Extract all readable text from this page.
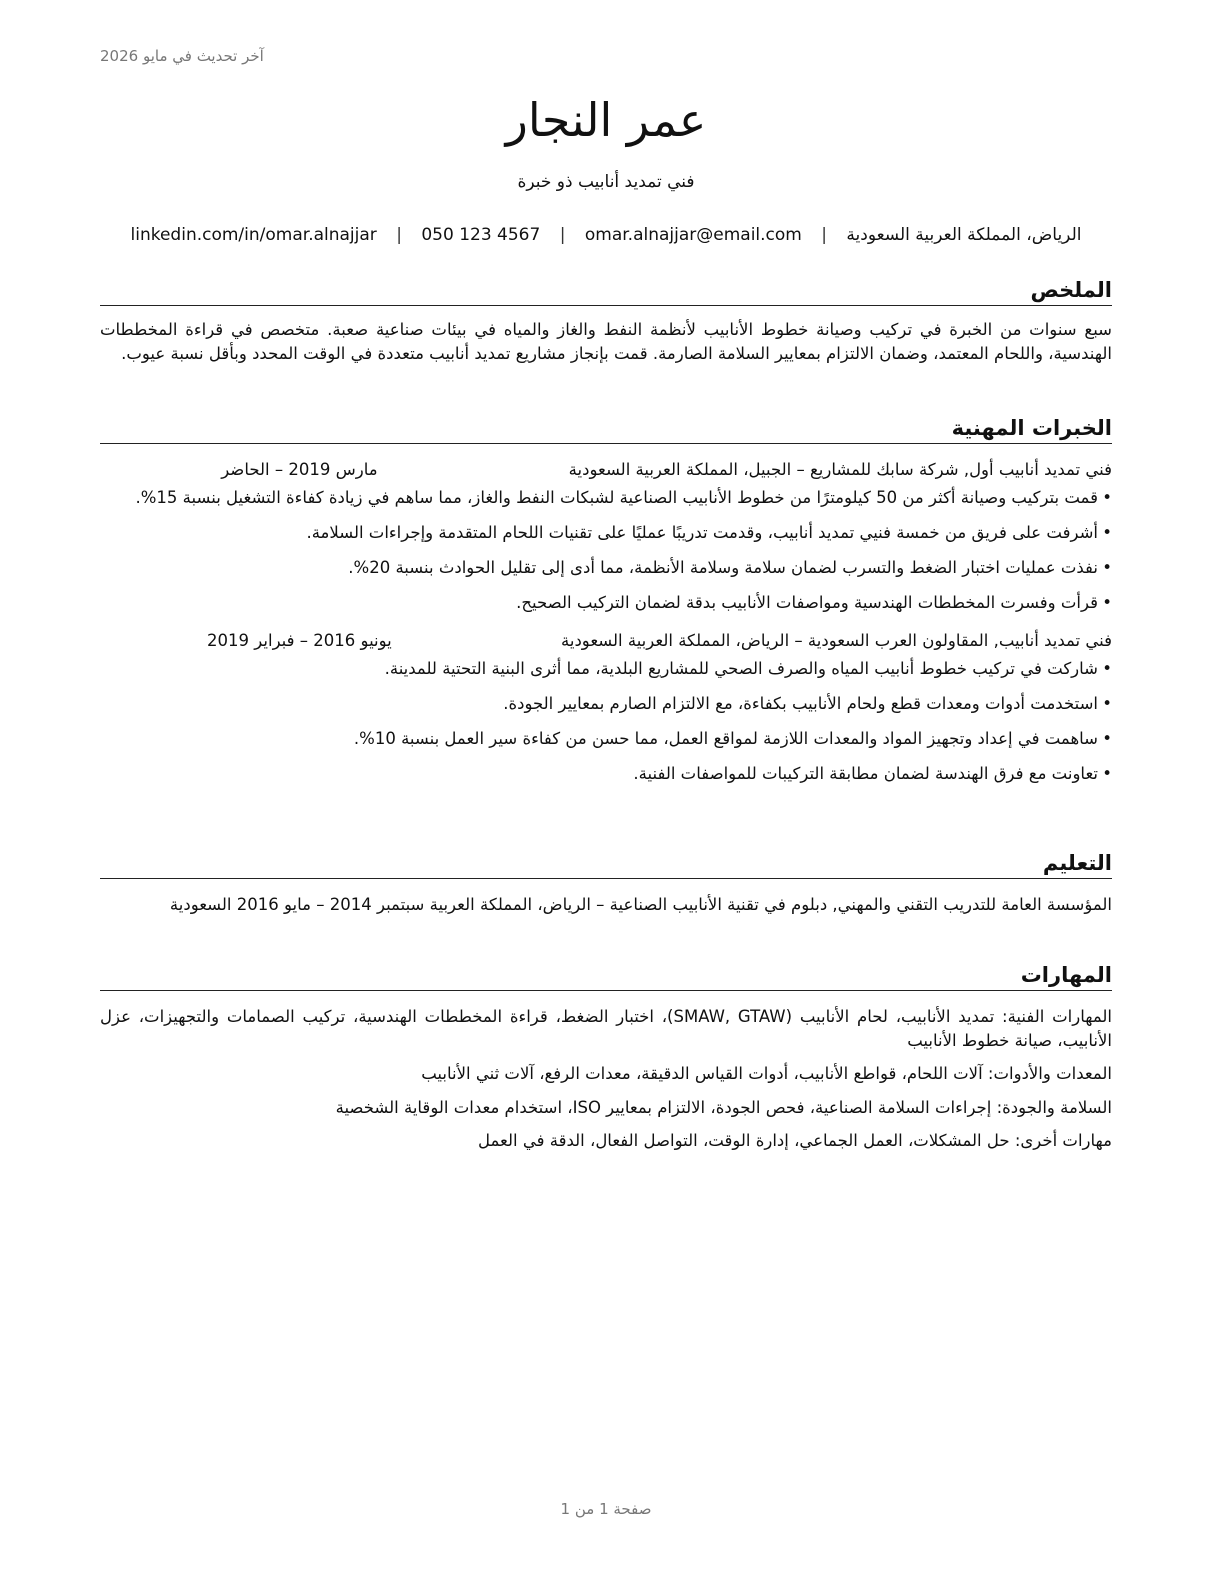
آخر تحديث في مايو 2026
عمر النجار
فني تمديد أنابيب ذو خبرة
الرياض، المملكة العربية السعودية | omar.alnajjar@email.com | 050 123 4567 | linkedin.com/in/omar.alnajjar
الملخص
سبع سنوات من الخبرة في تركيب وصيانة خطوط الأنابيب لأنظمة النفط والغاز والمياه في بيئات صناعية صعبة. متخصص في قراءة المخططات الهندسية، واللحام المعتمد، وضمان الالتزام بمعايير السلامة الصارمة. قمت بإنجاز مشاريع تمديد أنابيب متعددة في الوقت المحدد وبأقل نسبة عيوب.
الخبرات المهنية
فني تمديد أنابيب أول, شركة سابك للمشاريع – الجبيل، المملكة العربية السعودية
مارس 2019 – الحاضر
•قمت بتركيب وصيانة أكثر من 50 كيلومترًا من خطوط الأنابيب الصناعية لشبكات النفط والغاز، مما ساهم في زيادة كفاءة التشغيل بنسبة 15%.
•أشرفت على فريق من خمسة فنيي تمديد أنابيب، وقدمت تدريبًا عمليًا على تقنيات اللحام المتقدمة وإجراءات السلامة.
•نفذت عمليات اختبار الضغط والتسرب لضمان سلامة وسلامة الأنظمة، مما أدى إلى تقليل الحوادث بنسبة 20%.
•قرأت وفسرت المخططات الهندسية ومواصفات الأنابيب بدقة لضمان التركيب الصحيح.
فني تمديد أنابيب, المقاولون العرب السعودية – الرياض، المملكة العربية السعودية
يونيو 2016 – فبراير 2019
•شاركت في تركيب خطوط أنابيب المياه والصرف الصحي للمشاريع البلدية، مما أثرى البنية التحتية للمدينة.
•استخدمت أدوات ومعدات قطع ولحام الأنابيب بكفاءة، مع الالتزام الصارم بمعايير الجودة.
•ساهمت في إعداد وتجهيز المواد والمعدات اللازمة لمواقع العمل، مما حسن من كفاءة سير العمل بنسبة 10%.
•تعاونت مع فرق الهندسة لضمان مطابقة التركيبات للمواصفات الفنية.
التعليم
المؤسسة العامة للتدريب التقني والمهني, دبلوم في تقنية الأنابيب الصناعية – الرياض، المملكة العربية سبتمبر 2014 – مايو 2016 السعودية
المهارات
المهارات الفنية: تمديد الأنابيب، لحام الأنابيب (SMAW, GTAW)، اختبار الضغط، قراءة المخططات الهندسية، تركيب الصمامات والتجهيزات، عزل الأنابيب، صيانة خطوط الأنابيب
المعدات والأدوات: آلات اللحام، قواطع الأنابيب، أدوات القياس الدقيقة، معدات الرفع، آلات ثني الأنابيب
السلامة والجودة: إجراءات السلامة الصناعية، فحص الجودة، الالتزام بمعايير ISO، استخدام معدات الوقاية الشخصية
مهارات أخرى: حل المشكلات، العمل الجماعي، إدارة الوقت، التواصل الفعال، الدقة في العمل
صفحة 1 من 1
